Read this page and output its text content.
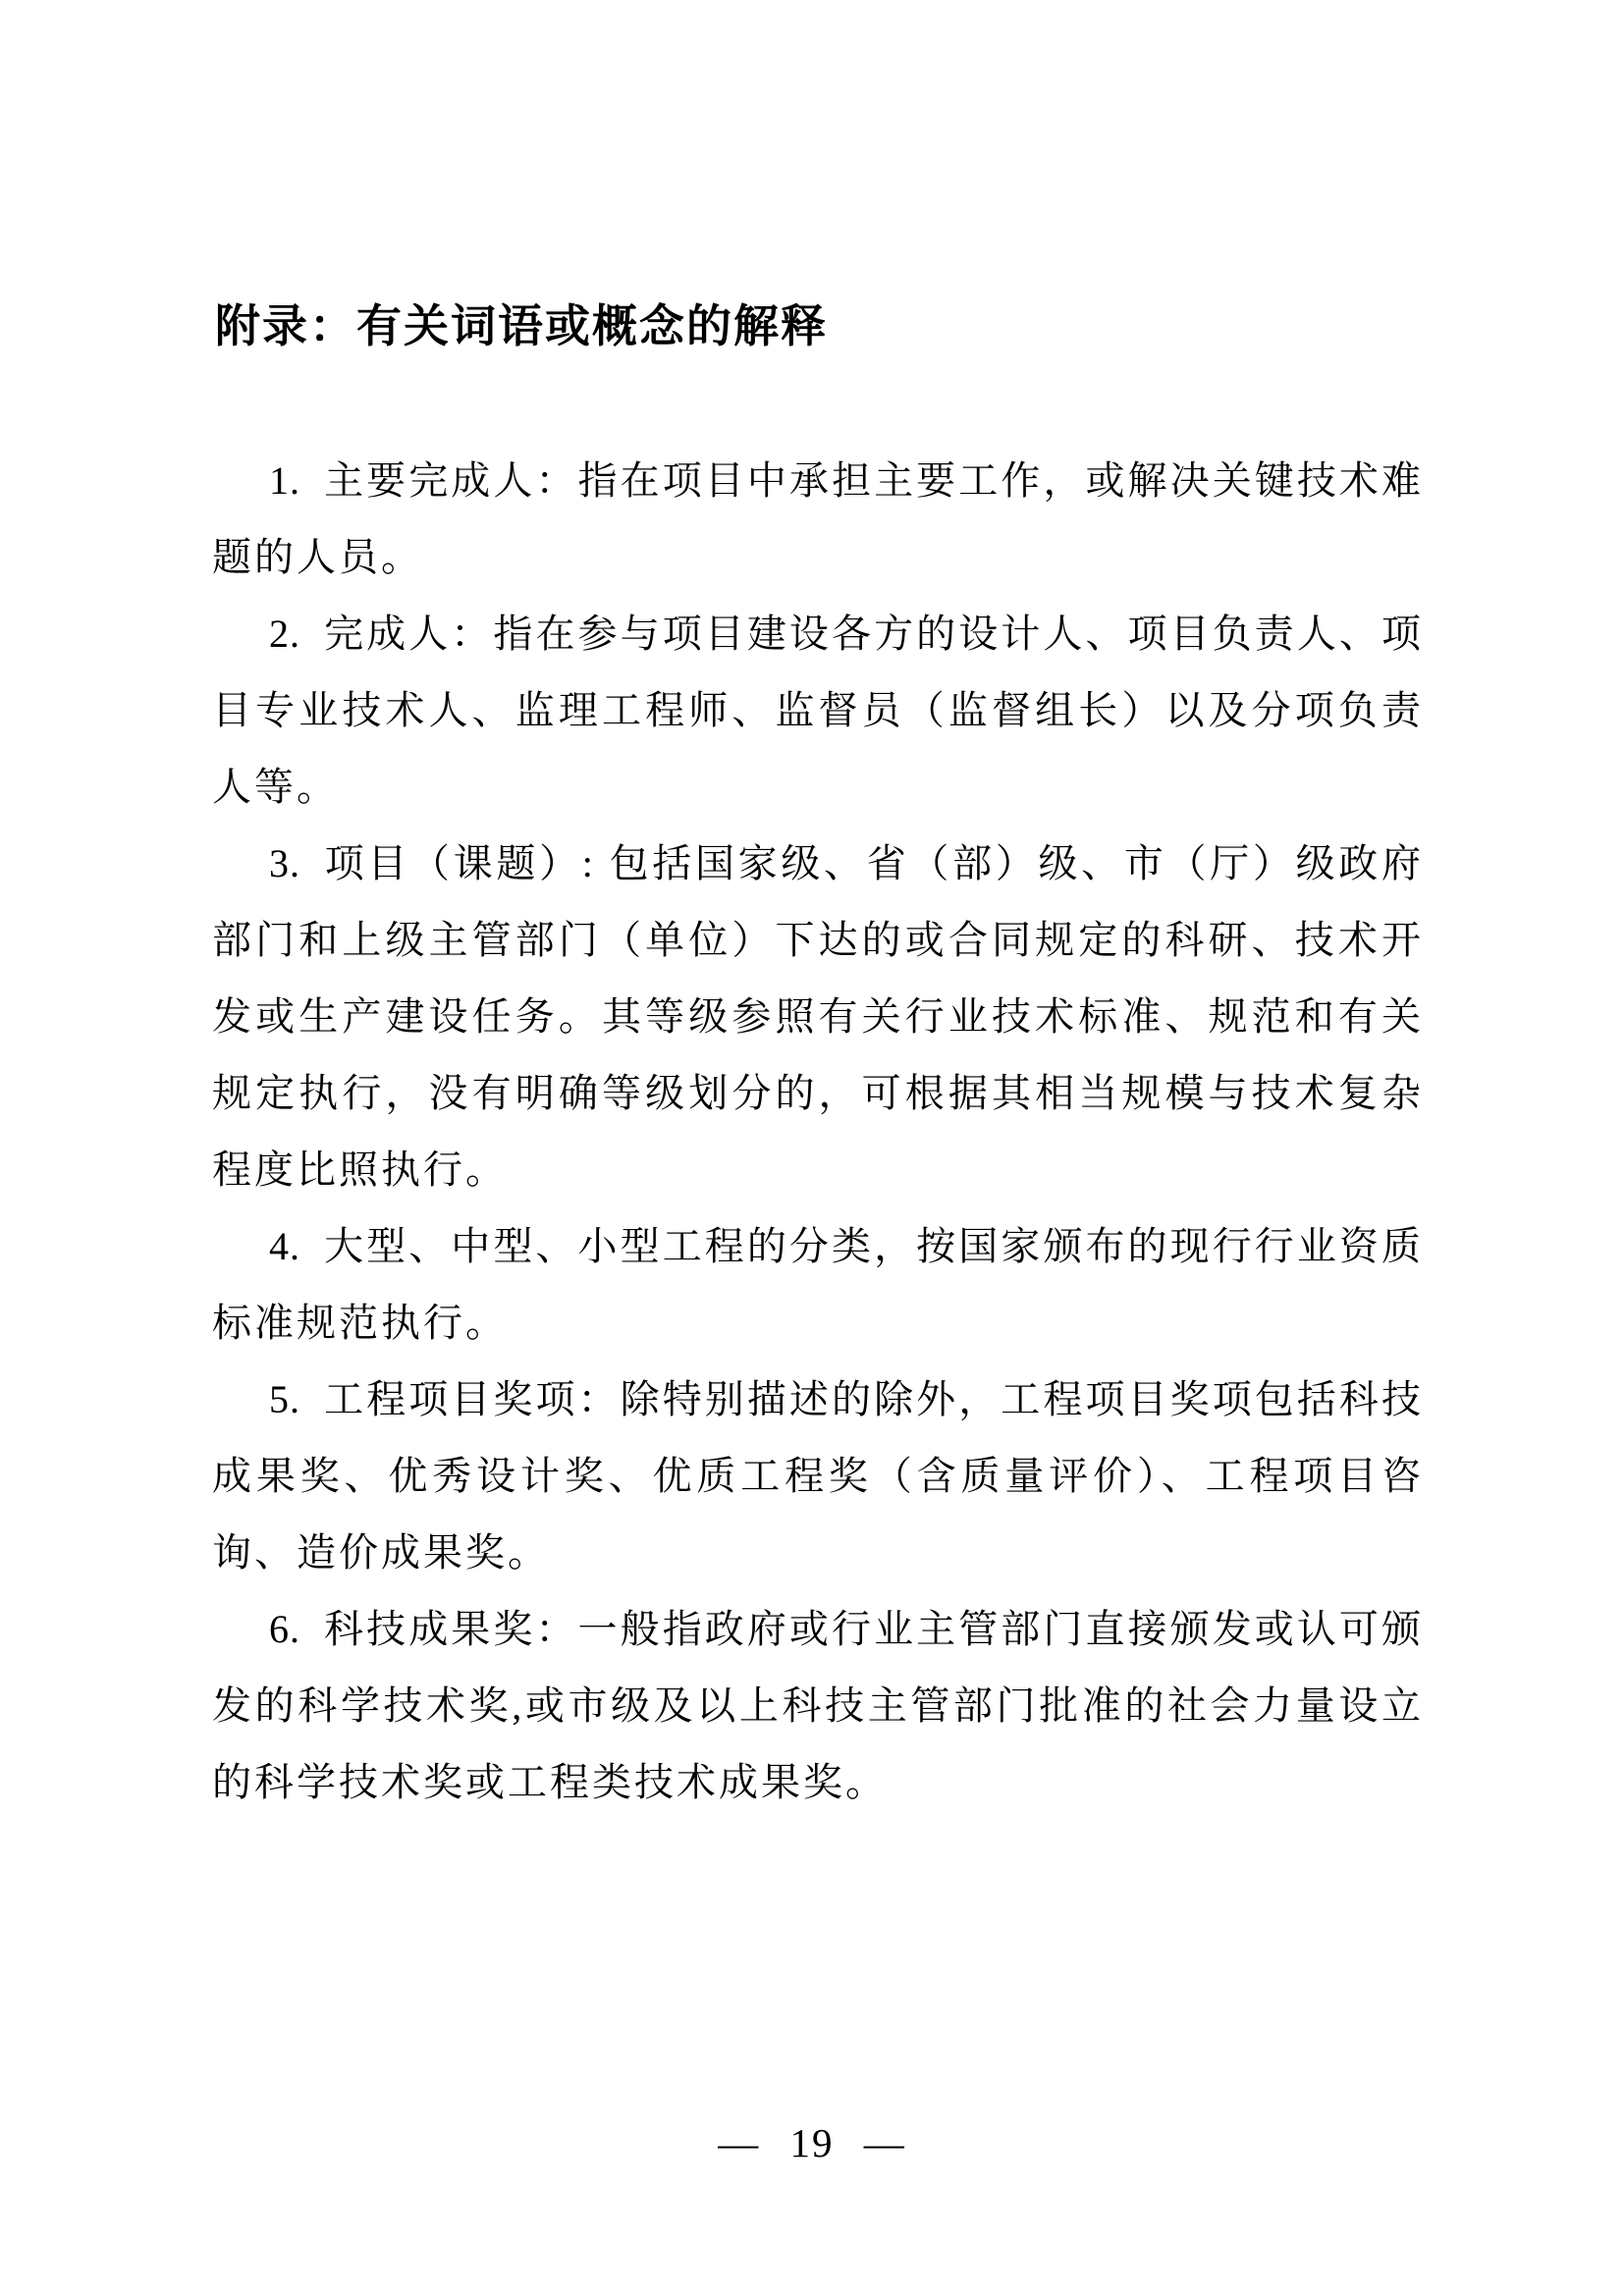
附录：有关词语或概念的解释

1. 主要完成人：指在项目中承担主要工作，或解决关键技术难题的人员。

2. 完成人：指在参与项目建设各方的设计人、项目负责人、项目专业技术人、监理工程师、监督员（监督组长）以及分项负责人等。

3. 项目（课题）: 包括国家级、省（部）级、市（厅）级政府部门和上级主管部门（单位）下达的或合同规定的科研、技术开发或生产建设任务。其等级参照有关行业技术标准、规范和有关规定执行，没有明确等级划分的，可根据其相当规模与技术复杂程度比照执行。

4. 大型、中型、小型工程的分类，按国家颁布的现行行业资质标准规范执行。

5. 工程项目奖项：除特别描述的除外，工程项目奖项包括科技成果奖、优秀设计奖、优质工程奖（含质量评价）、工程项目咨询、造价成果奖。

6. 科技成果奖：一般指政府或行业主管部门直接颁发或认可颁发的科学技术奖,或市级及以上科技主管部门批准的社会力量设立的科学技术奖或工程类技术成果奖。

— 19 —
